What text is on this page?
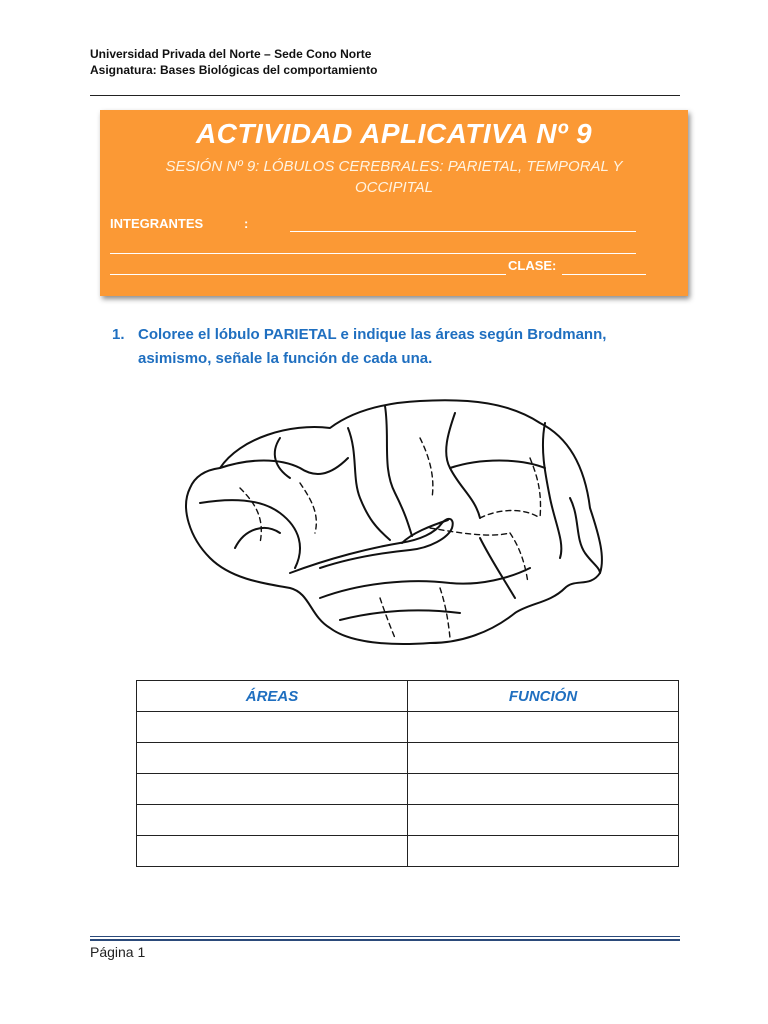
Universidad Privada del Norte – Sede Cono Norte
Asignatura: Bases Biológicas del comportamiento
ACTIVIDAD APLICATIVA Nº 9
SESIÓN Nº 9: LÓBULOS CEREBRALES: PARIETAL, TEMPORAL Y OCCIPITAL
INTEGRANTES	:
CLASE:
1. Coloree el lóbulo PARIETAL e indique las áreas según Brodmann, asimismo, señale la función de cada una.
ÁREAS	FUNCIÓN

Página 1
